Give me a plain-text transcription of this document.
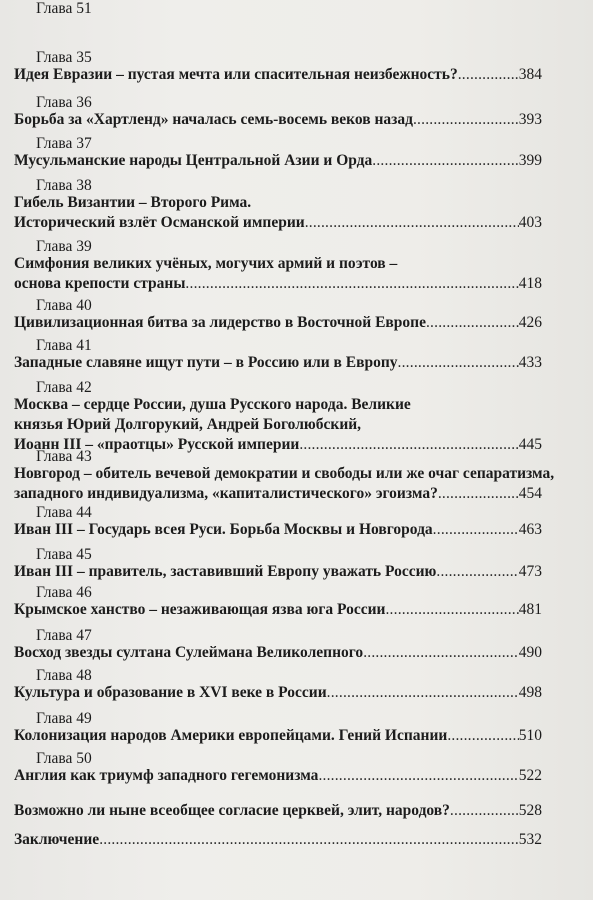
Глава 35
Идея Евразии – пустая мечта или спасительная неизбежность? .....	384
Глава 36
Борьба за «Хартленд» началась семь-восемь веков назад .....	393
Глава 37
Мусульманские народы Центральной Азии и Орда .....	399
Глава 38
Гибель Византии – Второго Рима.
Исторический взлёт Османской империи .....	403
Глава 39
Симфония великих учёных, могучих армий и поэтов –
основа крепости страны .....	418
Глава 40
Цивилизационная битва за лидерство в Восточной Европе .....	426
Глава 41
Западные славяне ищут пути – в Россию или в Европу .....	433
Глава 42
Москва – сердце России, душа Русского народа. Великие
князья Юрий Долгорукий, Андрей Боголюбский,
Иоанн III – «праотцы» Русской империи .....	445
Глава 43
Новгород – обитель вечевой демократии и свободы или же очаг сепаратизма,
западного индивидуализма, «капиталистического» эгоизма? .....	454
Глава 44
Иван III – Государь всея Руси. Борьба Москвы и Новгорода .....	463
Глава 45
Иван III – правитель, заставивший Европу уважать Россию .....	473
Глава 46
Крымское ханство – незаживающая язва юга России .....	481
Глава 47
Восход звезды султана Сулеймана Великолепного .....	490
Глава 48
Культура и образование в XVI веке в России .....	498
Глава 49
Колонизация народов Америки европейцами. Гений Испании .....	510
Глава 50
Англия как триумф западного гегемонизма .....	522
Глава 51
Возможно ли ныне всеобщее согласие церквей, элит, народов? .....	528
Заключение .....	532
